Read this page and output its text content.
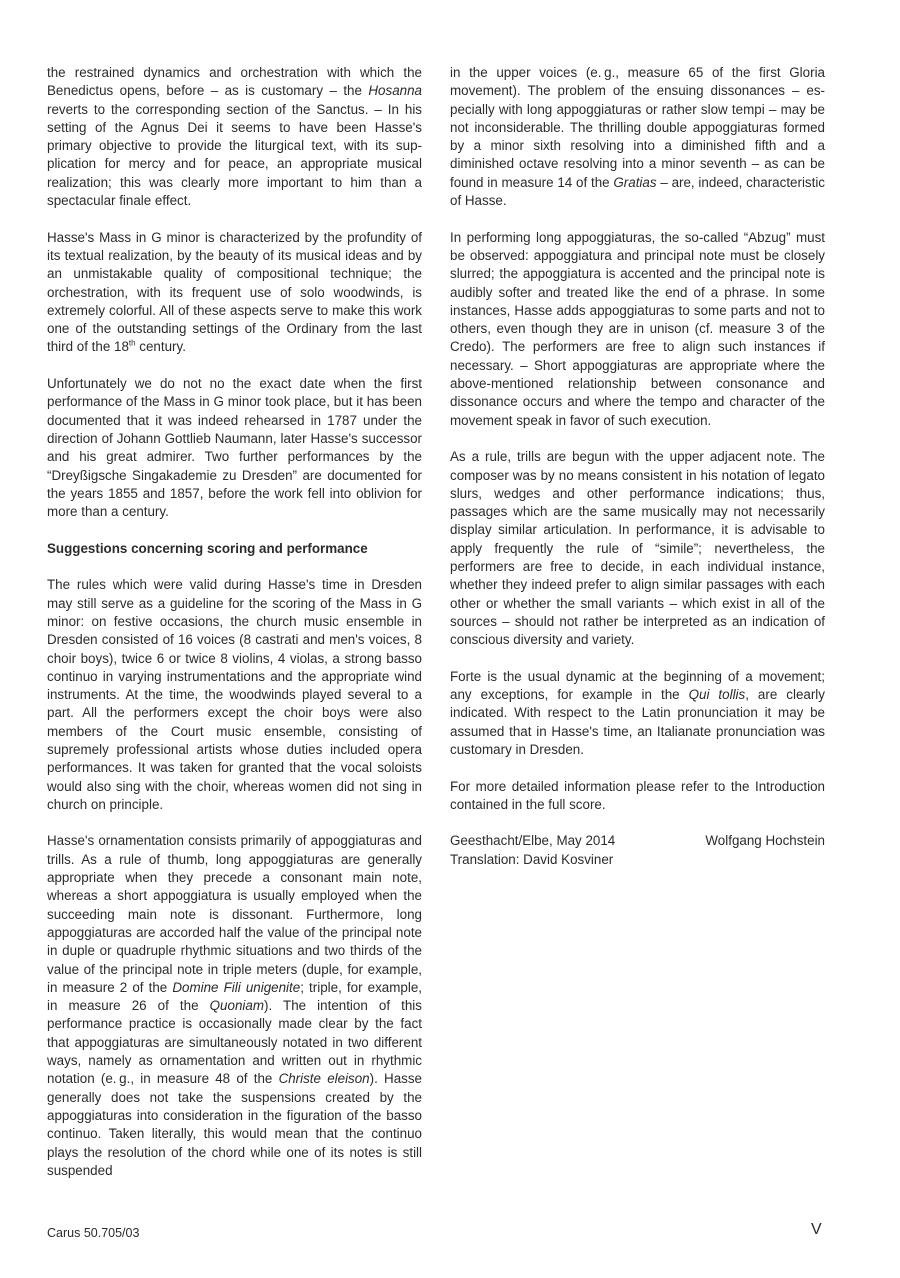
the restrained dynamics and orchestration with which the Benedictus opens, before – as is customary – the Hosanna reverts to the corresponding section of the Sanctus. – In his setting of the Agnus Dei it seems to have been Hasse's primary objective to provide the liturgical text, with its supplication for mercy and for peace, an appropriate musical realization; this was clearly more important to him than a spectacular finale effect.

Hasse's Mass in G minor is characterized by the profundity of its textual realization, by the beauty of its musical ideas and by an unmistakable quality of compositional technique; the orchestration, with its frequent use of solo woodwinds, is extremely colorful. All of these aspects serve to make this work one of the outstanding settings of the Ordinary from the last third of the 18th century.

Unfortunately we do not no the exact date when the first performance of the Mass in G minor took place, but it has been documented that it was indeed rehearsed in 1787 under the direction of Johann Gottlieb Naumann, later Hasse's successor and his great admirer. Two further performances by the “Dreyßigsche Singakademie zu Dresden” are documented for the years 1855 and 1857, before the work fell into oblivion for more than a century.

Suggestions concerning scoring and performance

The rules which were valid during Hasse's time in Dresden may still serve as a guideline for the scoring of the Mass in G minor: on festive occasions, the church music ensemble in Dresden consisted of 16 voices (8 castrati and men's voices, 8 choir boys), twice 6 or twice 8 violins, 4 violas, a strong basso continuo in varying instrumentations and the appropriate wind instruments. At the time, the woodwinds played several to a part. All the performers except the choir boys were also members of the Court music ensemble, consisting of supremely professional artists whose duties included opera performances. It was taken for granted that the vocal soloists would also sing with the choir, whereas women did not sing in church on principle.

Hasse's ornamentation consists primarily of appoggiaturas and trills. As a rule of thumb, long appoggiaturas are generally appropriate when they precede a consonant main note, whereas a short appoggiatura is usually employed when the succeeding main note is dissonant. Furthermore, long appoggiaturas are accorded half the value of the principal note in duple or quadruple rhythmic situations and two thirds of the value of the principal note in triple meters (duple, for example, in measure 2 of the Domine Fili unigenite; triple, for example, in measure 26 of the Quoniam). The intention of this performance practice is occasionally made clear by the fact that appoggiaturas are simultaneously notated in two different ways, namely as ornamentation and written out in rhythmic notation (e. g., in measure 48 of the Christe eleison). Hasse generally does not take the suspensions created by the appoggiaturas into consideration in the figuration of the basso continuo. Taken literally, this would mean that the continuo plays the resolution of the chord while one of its notes is still suspended

in the upper voices (e. g., measure 65 of the first Gloria movement). The problem of the ensuing dissonances – especially with long appoggiaturas or rather slow tempi – may be not inconsiderable. The thrilling double appoggiaturas formed by a minor sixth resolving into a diminished fifth and a diminished octave resolving into a minor seventh – as can be found in measure 14 of the Gratias – are, indeed, characteristic of Hasse.

In performing long appoggiaturas, the so-called “Abzug” must be observed: appoggiatura and principal note must be closely slurred; the appoggiatura is accented and the principal note is audibly softer and treated like the end of a phrase. In some instances, Hasse adds appoggiaturas to some parts and not to others, even though they are in unison (cf. measure 3 of the Credo). The performers are free to align such instances if necessary. – Short appoggiaturas are appropriate where the above-mentioned relationship between consonance and dissonance occurs and where the tempo and character of the movement speak in favor of such execution.

As a rule, trills are begun with the upper adjacent note. The composer was by no means consistent in his notation of legato slurs, wedges and other performance indications; thus, passages which are the same musically may not necessarily display similar articulation. In performance, it is advisable to apply frequently the rule of “simile”; nevertheless, the performers are free to decide, in each individual instance, whether they indeed prefer to align similar passages with each other or whether the small variants – which exist in all of the sources – should not rather be interpreted as an indication of conscious diversity and variety.

Forte is the usual dynamic at the beginning of a movement; any exceptions, for example in the Qui tollis, are clearly indicated. With respect to the Latin pronunciation it may be assumed that in Hasse's time, an Italianate pronunciation was customary in Dresden.

For more detailed information please refer to the Introduction contained in the full score.

Geesthacht/Elbe, May 2014	Wolfgang Hochstein
Translation: David Kosviner
Carus 50.705/03	V
